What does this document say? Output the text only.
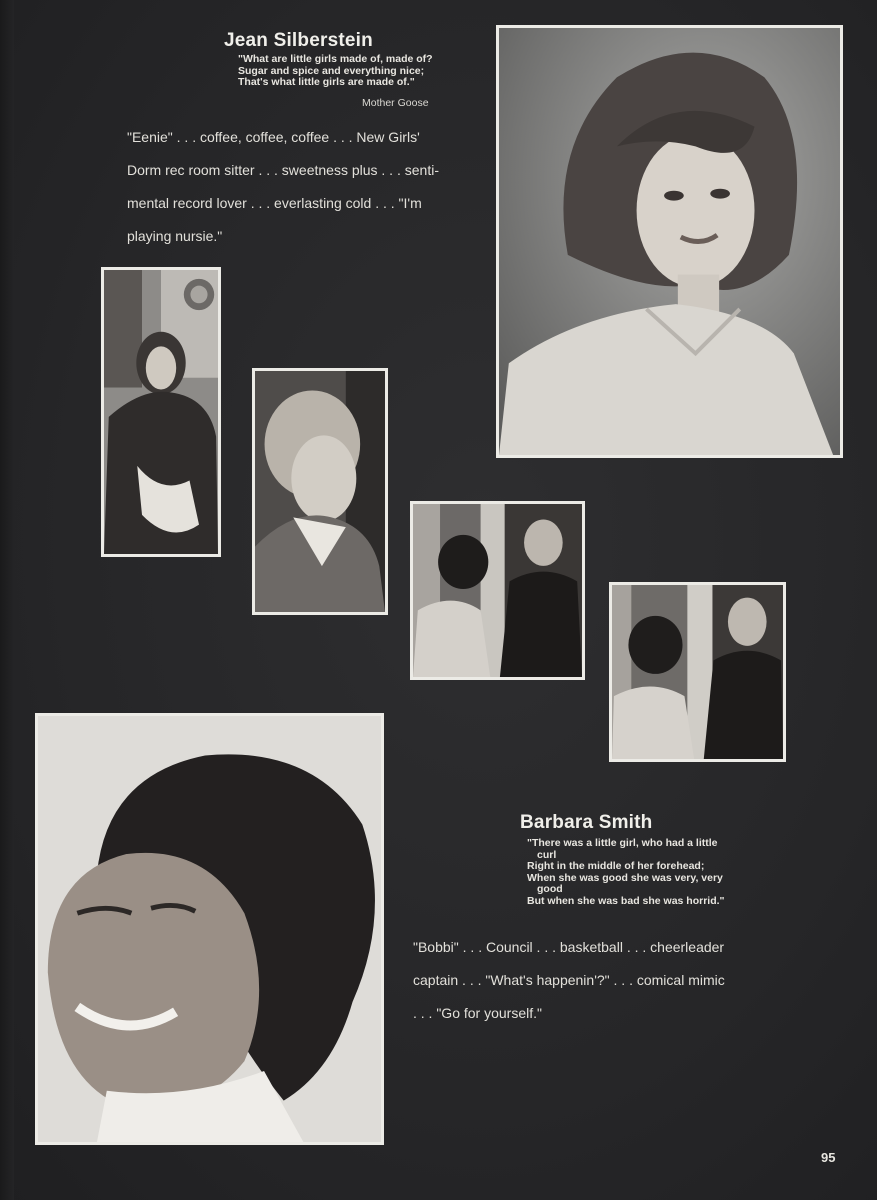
Jean Silberstein
"What are little girls made of, made of?
Sugar and spice and everything nice;
That's what little girls are made of."
Mother Goose
"Eenie" . . . coffee, coffee, coffee . . . New Girls'
Dorm rec room sitter . . . sweetness plus . . . senti-
mental record lover . . . everlasting cold . . . "I'm
playing nursie."
Barbara Smith
"There was a little girl, who had a little
curl
Right in the middle of her forehead;
When she was good she was very, very
good
But when she was bad she was horrid."
"Bobbi" . . . Council . . . basketball . . . cheerleader
captain . . . "What's happenin'?" . . . comical mimic
. . . "Go for yourself."
95
